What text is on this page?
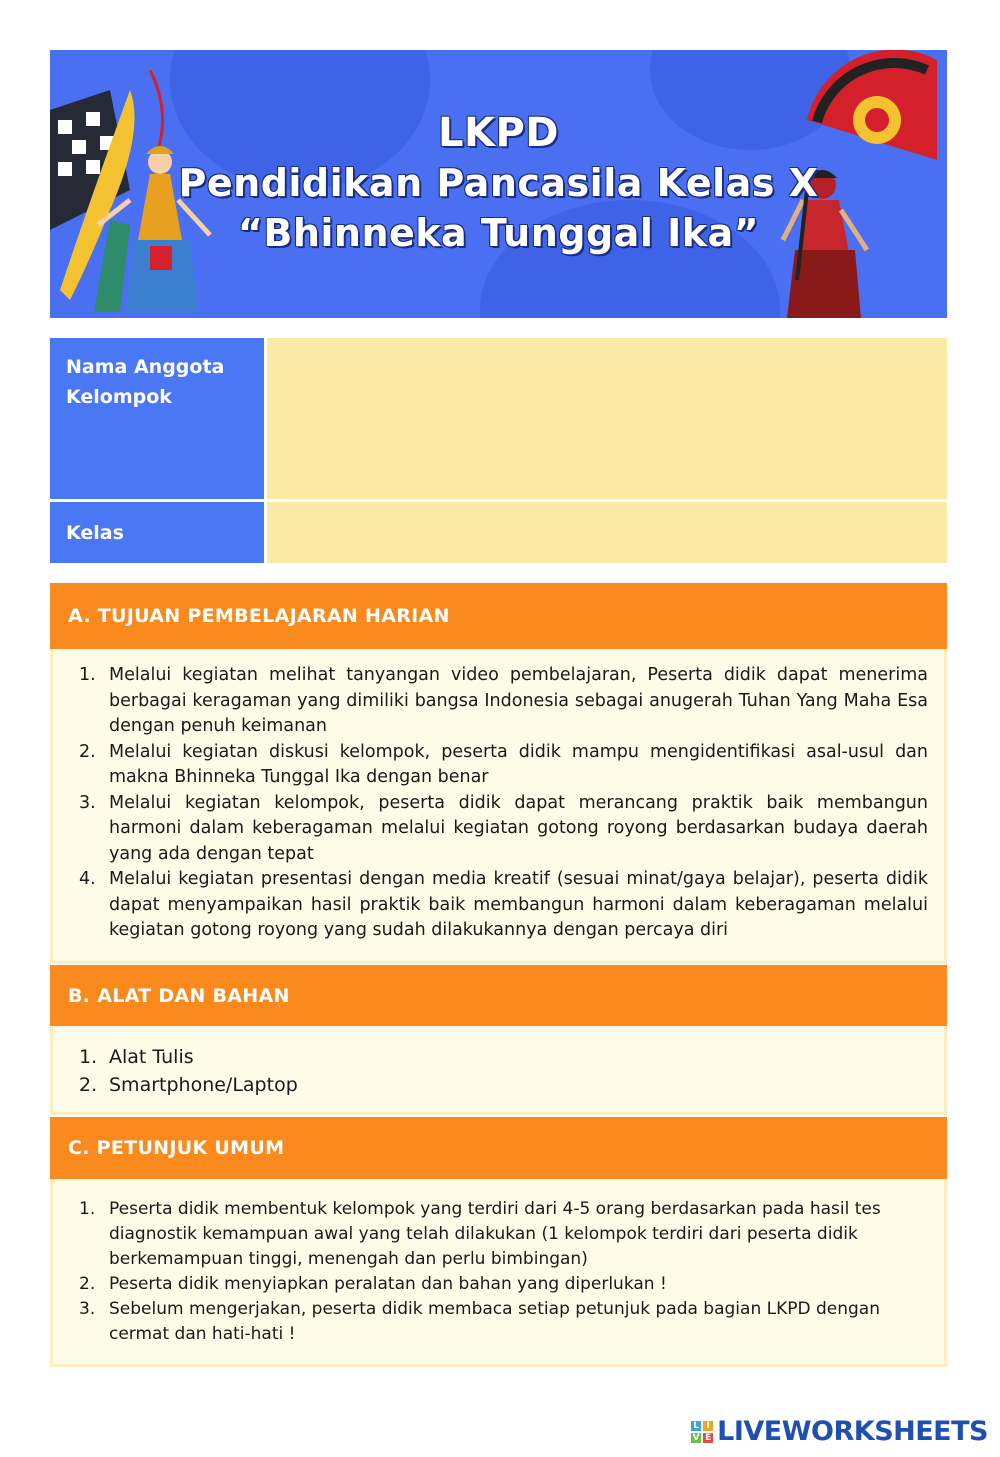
LKPD
Pendidikan Pancasila Kelas X
“Bhinneka Tunggal Ika”
Nama Anggota Kelompok
Kelas
A. TUJUAN PEMBELAJARAN HARIAN
1. Melalui kegiatan melihat tanyangan video pembelajaran, Peserta didik dapat menerima berbagai keragaman yang dimiliki bangsa Indonesia sebagai anugerah Tuhan Yang Maha Esa dengan penuh keimanan
2. Melalui kegiatan diskusi kelompok, peserta didik mampu mengidentifikasi asal-usul dan makna Bhinneka Tunggal Ika dengan benar
3. Melalui kegiatan kelompok, peserta didik dapat merancang praktik baik membangun harmoni dalam keberagaman melalui kegiatan gotong royong berdasarkan budaya daerah yang ada dengan tepat
4. Melalui kegiatan presentasi dengan media kreatif (sesuai minat/gaya belajar), peserta didik dapat menyampaikan hasil praktik baik membangun harmoni dalam keberagaman melalui kegiatan gotong royong yang sudah dilakukannya dengan percaya diri
B. ALAT DAN BAHAN
1. Alat Tulis
2. Smartphone/Laptop
C. PETUNJUK UMUM
1. Peserta didik membentuk kelompok yang terdiri dari 4-5 orang berdasarkan pada hasil tes diagnostik kemampuan awal yang telah dilakukan (1 kelompok terdiri dari peserta didik berkemampuan tinggi, menengah dan perlu bimbingan)
2. Peserta didik menyiapkan peralatan dan bahan yang diperlukan !
3. Sebelum mengerjakan, peserta didik membaca setiap petunjuk pada bagian LKPD dengan cermat dan hati-hati !
L I
V E LIVEWORKSHEETS
